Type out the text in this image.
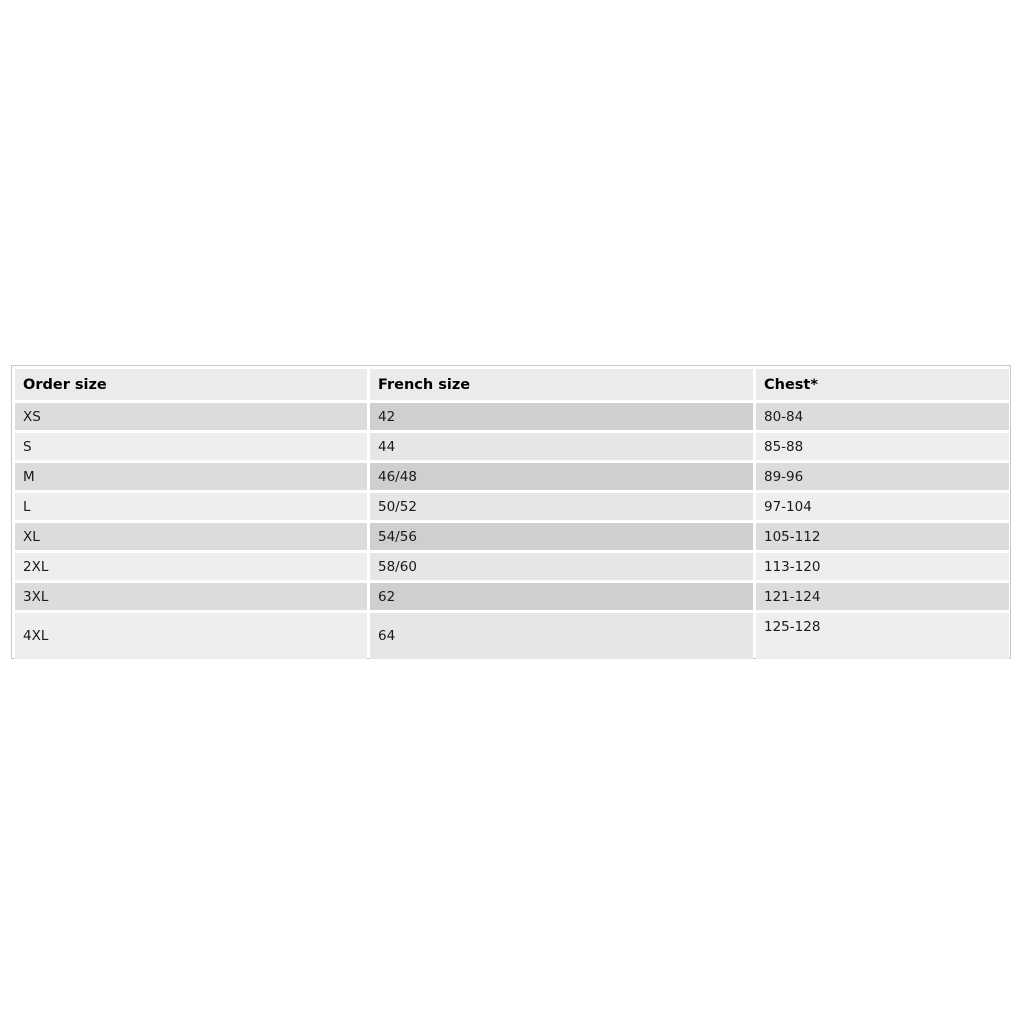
Order size	French size	Chest*
XS	42	80-84
S	44	85-88
M	46/48	89-96
L	50/52	97-104
XL	54/56	105-112
2XL	58/60	113-120
3XL	62	121-124
4XL	64	125-128
